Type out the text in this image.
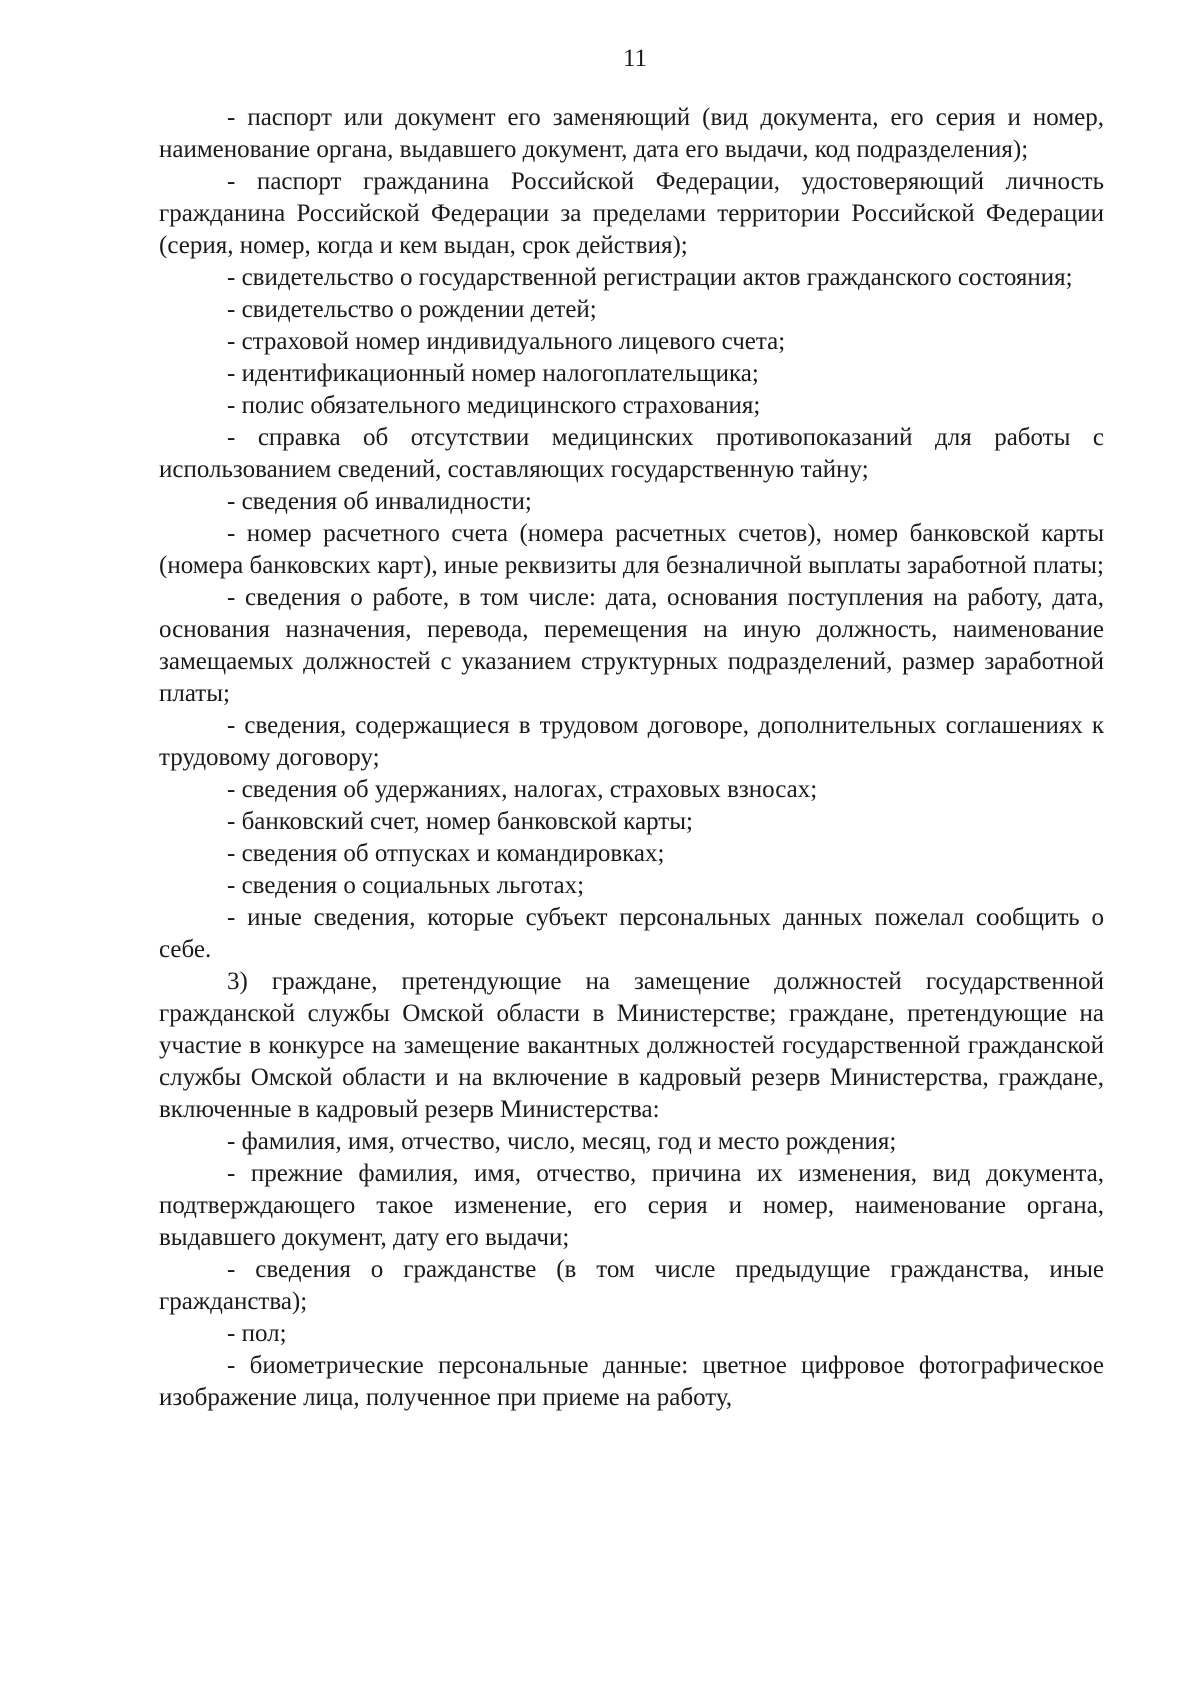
11

- паспорт или документ его заменяющий (вид документа, его серия и номер, наименование органа, выдавшего документ, дата его выдачи, код подразделения);

- паспорт гражданина Российской Федерации, удостоверяющий личность гражданина Российской Федерации за пределами территории Российской Федерации (серия, номер, когда и кем выдан, срок действия);

- свидетельство о государственной регистрации актов гражданского состояния;

- свидетельство о рождении детей;

- страховой номер индивидуального лицевого счета;

- идентификационный номер налогоплательщика;

- полис обязательного медицинского страхования;

- справка об отсутствии медицинских противопоказаний для работы с использованием сведений, составляющих государственную тайну;

- сведения об инвалидности;

- номер расчетного счета (номера расчетных счетов), номер банковской карты (номера банковских карт), иные реквизиты для безналичной выплаты заработной платы;

- сведения о работе, в том числе: дата, основания поступления на работу, дата, основания назначения, перевода, перемещения на иную должность, наименование замещаемых должностей с указанием структурных подразделений, размер заработной платы;

- сведения, содержащиеся в трудовом договоре, дополнительных соглашениях к трудовому договору;

- сведения об удержаниях, налогах, страховых взносах;

- банковский счет, номер банковской карты;

- сведения об отпусках и командировках;

- сведения о социальных льготах;

- иные сведения, которые субъект персональных данных пожелал сообщить о себе.

3) граждане, претендующие на замещение должностей государственной гражданской службы Омской области в Министерстве; граждане, претендующие на участие в конкурсе на замещение вакантных должностей государственной гражданской службы Омской области и на включение в кадровый резерв Министерства, граждане, включенные в кадровый резерв Министерства:

- фамилия, имя, отчество, число, месяц, год и место рождения;

- прежние фамилия, имя, отчество, причина их изменения, вид документа, подтверждающего такое изменение, его серия и номер, наименование органа, выдавшего документ, дату его выдачи;

- сведения о гражданстве (в том числе предыдущие гражданства, иные гражданства);

- пол;

- биометрические персональные данные: цветное цифровое фотографическое изображение лица, полученное при приеме на работу,
